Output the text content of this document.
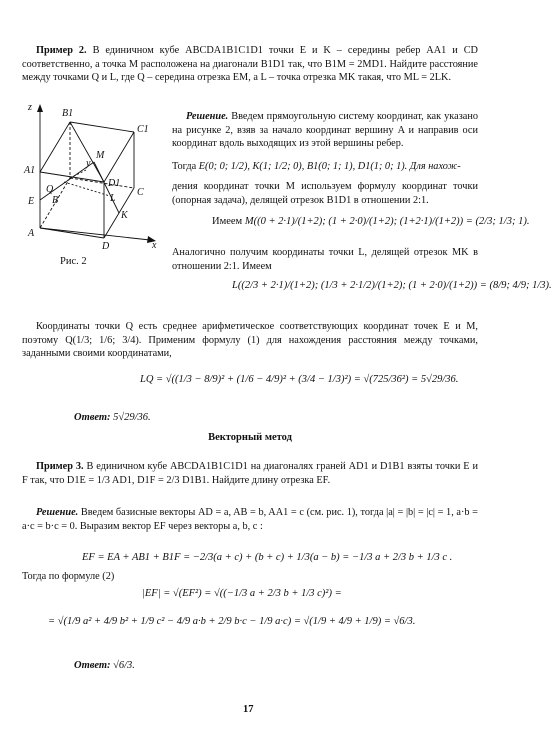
Пример 2. В единичном кубе ABCDA1B1C1D1 точки E и K – середины ребер AA1 и CD соответственно, а точка M расположена на диагонали B1D1 так, что B1M = 2MD1. Найдите расстояние между точками Q и L, где Q – середина отрезка EM, а L – точка отрезка MK такая, что ML = 2LK.
z
x
y
B1
C1
A1
D1
M
Q
B
E	L
C
K
A
D
Рис. 2
Решение. Введем прямоугольную систему координат, как указано на рисунке 2, взяв за начало координат вершину A и направив оси координат вдоль выходящих из этой вершины ребер.
Тогда E(0; 0; 1/2), K(1; 1/2; 0), B1(0; 1; 1), D1(1; 0; 1). Для нахож-
дения координат точки M используем формулу координат точки (опорная задача), делящей отрезок B1D1 в отношении 2:1.
Имеем M((0 + 2·1)/(1+2); (1 + 2·0)/(1+2); (1+2·1)/(1+2)) = (2/3; 1/3; 1).
Аналогично получим координаты точки L, делящей отрезок MK в отношении 2:1. Имеем
L((2/3 + 2·1)/(1+2); (1/3 + 2·1/2)/(1+2); (1 + 2·0)/(1+2)) = (8/9; 4/9; 1/3).
Координаты точки Q есть среднее арифметическое соответствующих координат точек E и M, поэтому Q(1/3; 1/6; 3/4). Применим формулу (1) для нахождения расстояния между точками, заданными своими координатами,
LQ = √((1/3 − 8/9)² + (1/6 − 4/9)² + (3/4 − 1/3)²) = √(725/36²) = 5√29/36.
Ответ: 5√29/36.
Векторный метод
Пример 3. В единичном кубе ABCDA1B1C1D1 на диагоналях граней AD1 и D1B1 взяты точки E и F так, что D1E = 1/3 AD1, D1F = 2/3 D1B1. Найдите длину отрезка EF.
Решение. Введем базисные векторы AD = a, AB = b, AA1 = c (см. рис. 1), тогда |a| = |b| = |c| = 1, a·b = a·c = b·c = 0. Выразим вектор EF через векторы a, b, c :
EF = EA + AB1 + B1F = −2/3(a + c) + (b + c) + 1/3(a − b) = −1/3 a + 2/3 b + 1/3 c .
Тогда по формуле (2)
|EF| = √(EF²) = √((−1/3 a + 2/3 b + 1/3 c)²) =
= √(1/9 a² + 4/9 b² + 1/9 c² − 4/9 a·b + 2/9 b·c − 1/9 a·c) = √(1/9 + 4/9 + 1/9) = √6/3.
Ответ: √6/3.
17
